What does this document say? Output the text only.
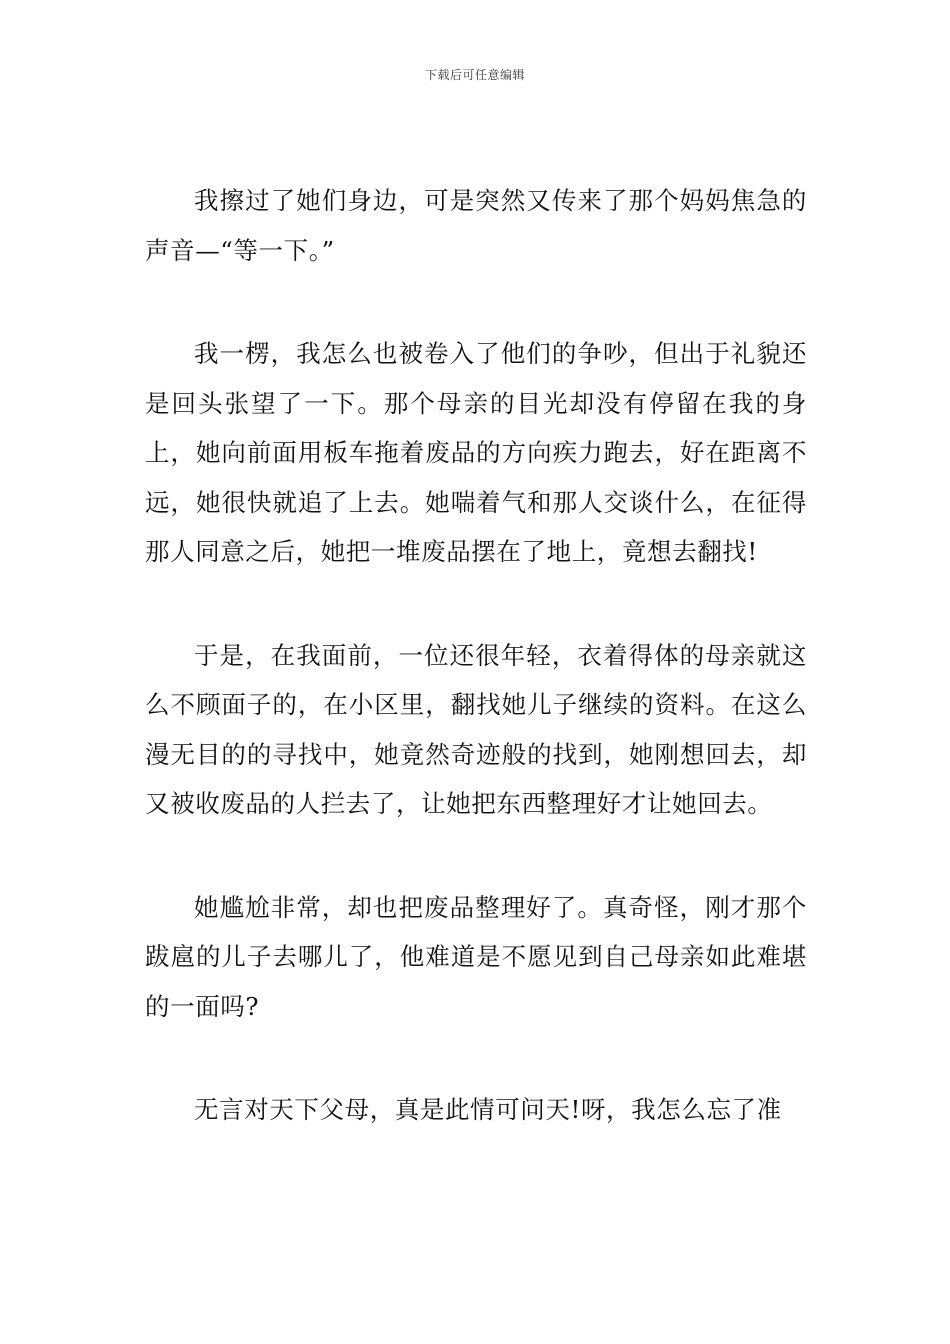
下载后可任意编辑

我擦过了她们身边，可是突然又传来了那个妈妈焦急的声音—“等一下。”

我一楞，我怎么也被卷入了他们的争吵，但出于礼貌还是回头张望了一下。那个母亲的目光却没有停留在我的身上，她向前面用板车拖着废品的方向疾力跑去，好在距离不远，她很快就追了上去。她喘着气和那人交谈什么，在征得那人同意之后，她把一堆废品摆在了地上，竟想去翻找!

于是，在我面前，一位还很年轻，衣着得体的母亲就这么不顾面子的，在小区里，翻找她儿子继续的资料。在这么漫无目的的寻找中，她竟然奇迹般的找到，她刚想回去，却又被收废品的人拦去了，让她把东西整理好才让她回去。

她尴尬非常，却也把废品整理好了。真奇怪，刚才那个跋扈的儿子去哪儿了，他难道是不愿见到自己母亲如此难堪的一面吗?

无言对天下父母，真是此情可问天!呀，我怎么忘了准
